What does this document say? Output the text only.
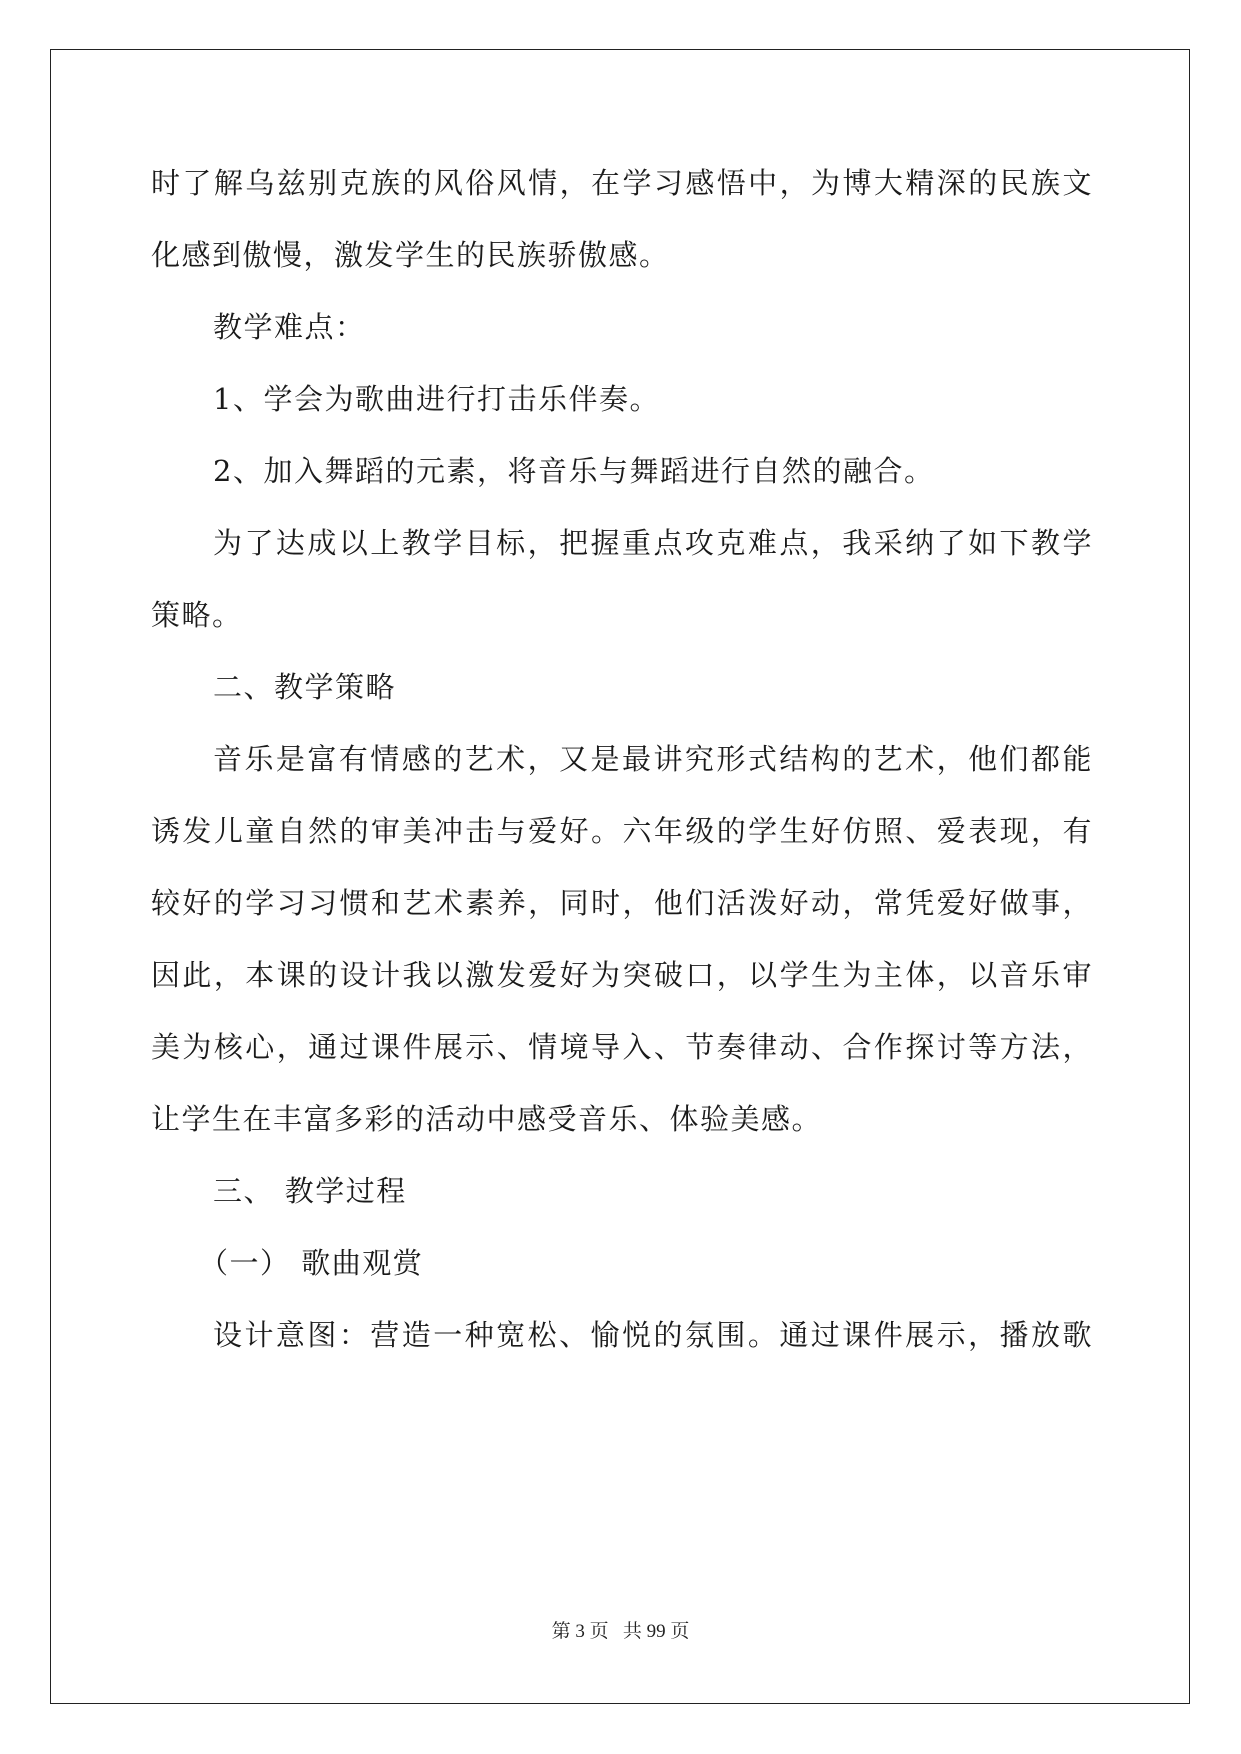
时了解乌兹别克族的风俗风情，在学习感悟中，为博大精深的民族文
化感到傲慢，激发学生的民族骄傲感。
教学难点：
1、学会为歌曲进行打击乐伴奏。
2、加入舞蹈的元素，将音乐与舞蹈进行自然的融合。
为了达成以上教学目标，把握重点攻克难点，我采纳了如下教学
策略。
二、教学策略
音乐是富有情感的艺术，又是最讲究形式结构的艺术，他们都能
诱发儿童自然的审美冲击与爱好。六年级的学生好仿照、爱表现，有
较好的学习习惯和艺术素养，同时，他们活泼好动，常凭爱好做事，
因此，本课的设计我以激发爱好为突破口，以学生为主体，以音乐审
美为核心，通过课件展示、情境导入、节奏律动、合作探讨等方法，
让学生在丰富多彩的活动中感受音乐、体验美感。
三、 教学过程
（一） 歌曲观赏
设计意图：营造一种宽松、愉悦的氛围。通过课件展示，播放歌
第 3 页   共 99 页
